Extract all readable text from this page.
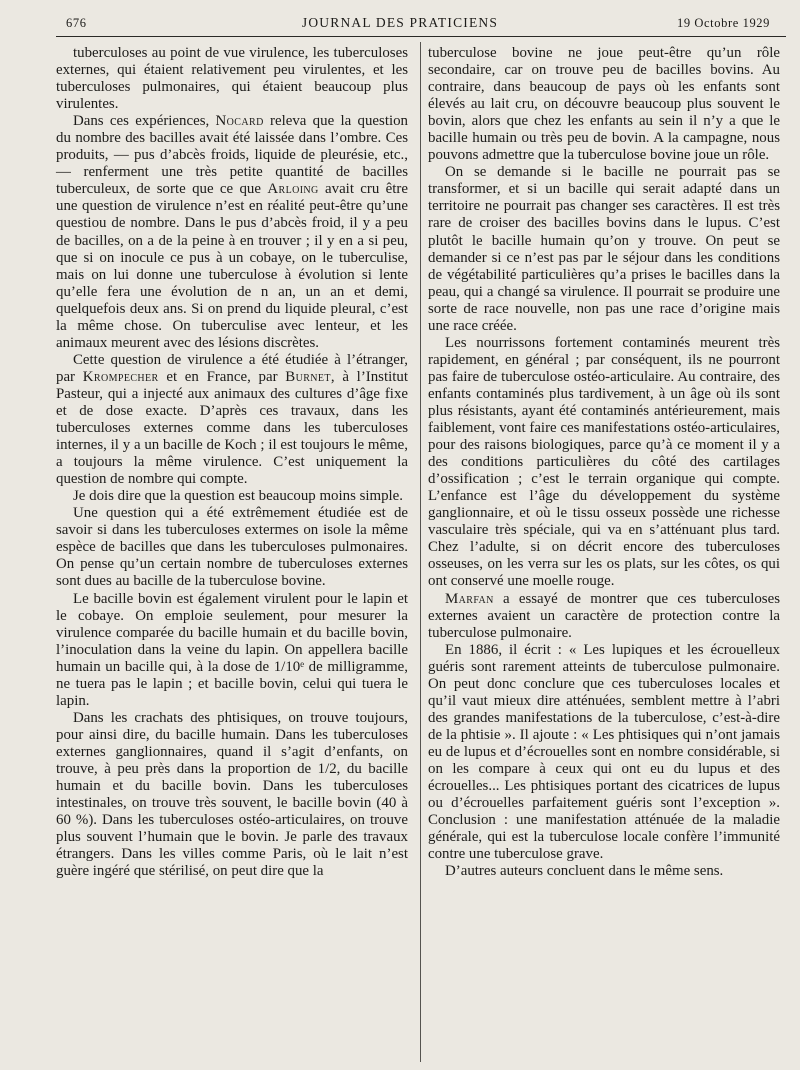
676	JOURNAL DES PRATICIENS	19 Octobre 1929

tuberculoses au point de vue virulence, les tuberculoses externes, qui étaient relativement peu virulentes, et les tuberculoses pulmonaires, qui étaient beaucoup plus virulentes.

Dans ces expériences, Nocard releva que la question du nombre des bacilles avait été laissée dans l’ombre. Ces produits, — pus d’abcès froids, liquide de pleurésie, etc., — renferment une très petite quantité de bacilles tuberculeux, de sorte que ce que Arloing avait cru être une question de virulence n’est en réalité peut-être qu’une questiou de nombre. Dans le pus d’abcès froid, il y a peu de bacilles, on a de la peine à en trouver ; il y en a si peu, que si on inocule ce pus à un cobaye, on le tuberculise, mais on lui donne une tuberculose à évolution si lente qu’elle fera une évolution de n an, un an et demi, quelquefois deux ans. Si on prend du liquide pleural, c’est la même chose. On tuberculise avec lenteur, et les animaux meurent avec des lésions discrètes.

Cette question de virulence a été étudiée à l’étranger, par Krompecher et en France, par Burnet, à l’Institut Pasteur, qui a injecté aux animaux des cultures d’âge fixe et de dose exacte. D’après ces travaux, dans les tuberculoses externes comme dans les tuberculoses internes, il y a un bacille de Koch ; il est toujours le même, a toujours la même virulence. C’est uniquement la question de nombre qui compte.

Je dois dire que la question est beaucoup moins simple.

Une question qui a été extrêmement étudiée est de savoir si dans les tuberculoses extermes on isole la même espèce de bacilles que dans les tuberculoses pulmonaires. On pense qu’un certain nombre de tuberculoses externes sont dues au bacille de la tuberculose bovine.

Le bacille bovin est également virulent pour le lapin et le cobaye. On emploie seulement, pour mesurer la virulence comparée du bacille humain et du bacille bovin, l’inoculation dans la veine du lapin. On appellera bacille humain un bacille qui, à la dose de 1/10ᵉ de milligramme, ne tuera pas le lapin ; et bacille bovin, celui qui tuera le lapin.

Dans les crachats des phtisiques, on trouve toujours, pour ainsi dire, du bacille humain. Dans les tuberculoses externes ganglionnaires, quand il s’agit d’enfants, on trouve, à peu près dans la proportion de 1/2, du bacille humain et du bacille bovin. Dans les tuberculoses intestinales, on trouve très souvent, le bacille bovin (40 à 60 %). Dans les tuberculoses ostéo-articulaires, on trouve plus souvent l’humain que le bovin. Je parle des travaux étrangers. Dans les villes comme Paris, où le lait n’est guère ingéré que stérilisé, on peut dire que la

tuberculose bovine ne joue peut-être qu’un rôle secondaire, car on trouve peu de bacilles bovins. Au contraire, dans beaucoup de pays où les enfants sont élevés au lait cru, on découvre beaucoup plus souvent le bovin, alors que chez les enfants au sein il n’y a que le bacille humain ou très peu de bovin. A la campagne, nous pouvons admettre que la tuberculose bovine joue un rôle.

On se demande si le bacille ne pourrait pas se transformer, et si un bacille qui serait adapté dans un territoire ne pourrait pas changer ses caractères. Il est très rare de croiser des bacilles bovins dans le lupus. C’est plutôt le bacille humain qu’on y trouve. On peut se demander si ce n’est pas par le séjour dans les conditions de végétabilité particulières qu’a prises le bacilles dans la peau, qui a changé sa virulence. Il pourrait se produire une sorte de race nouvelle, non pas une race d’origine mais une race créée.

Les nourrissons fortement contaminés meurent très rapidement, en général ; par conséquent, ils ne pourront pas faire de tuberculose ostéo-articulaire. Au contraire, des enfants contaminés plus tardivement, à un âge où ils sont plus résistants, ayant été contaminés antérieurement, mais faiblement, vont faire ces manifestations ostéo-articulaires, pour des raisons biologiques, parce qu’à ce moment il y a des conditions particulières du côté des cartilages d’ossification ; c’est le terrain organique qui compte. L’enfance est l’âge du développement du système ganglionnaire, et où le tissu osseux possède une richesse vasculaire très spéciale, qui va en s’atténuant plus tard. Chez l’adulte, si on décrit encore des tuberculoses osseuses, on les verra sur les os plats, sur les côtes, os qui ont conservé une moelle rouge.

Marfan a essayé de montrer que ces tuberculoses externes avaient un caractère de protection contre la tuberculose pulmonaire.

En 1886, il écrit : « Les lupiques et les écrouelleux guéris sont rarement atteints de tuberculose pulmonaire. On peut donc conclure que ces tuberculoses locales et qu’il vaut mieux dire atténuées, semblent mettre à l’abri des grandes manifestations de la tuberculose, c’est-à-dire de la phtisie ». Il ajoute : « Les phtisiques qui n’ont jamais eu de lupus et d’écrouelles sont en nombre considérable, si on les compare à ceux qui ont eu du lupus et des écrouelles... Les phtisiques portant des cicatrices de lupus ou d’écrouelles parfaitement guéris sont l’exception ». Conclusion : une manifestation atténuée de la maladie générale, qui est la tuberculose locale confère l’immunité contre une tuberculose grave.

D’autres auteurs concluent dans le même sens.
